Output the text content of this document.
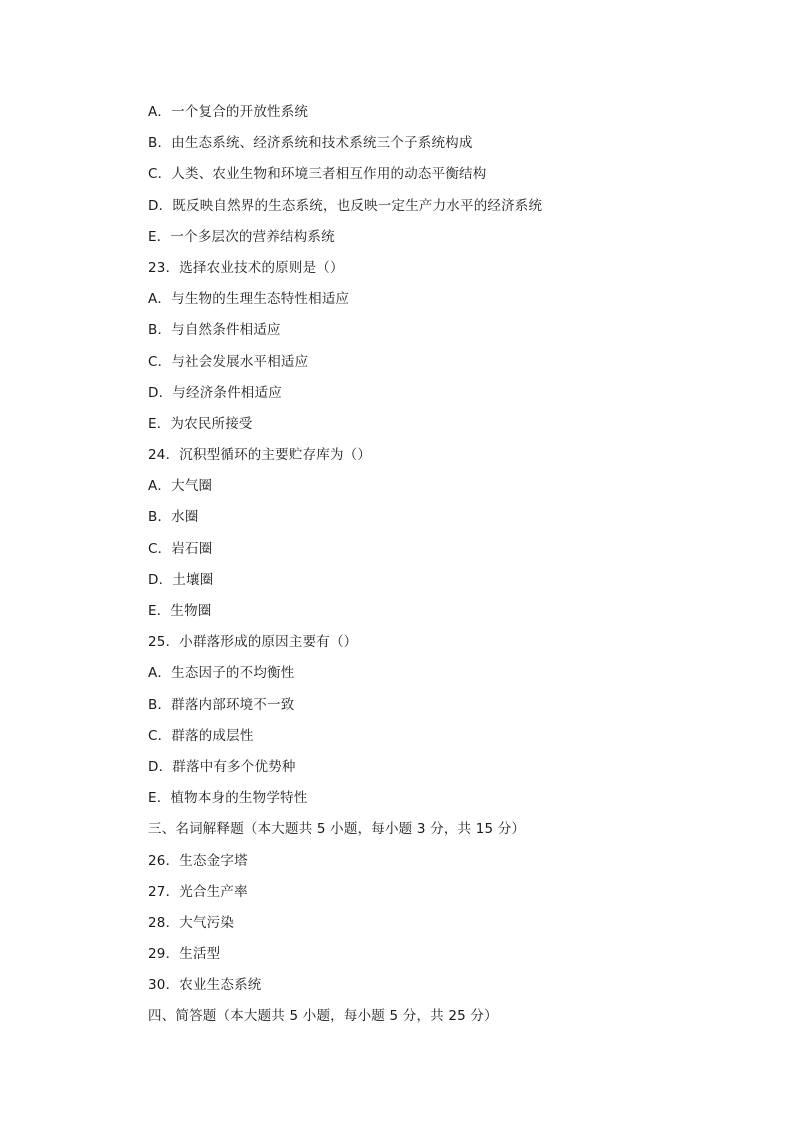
A．一个复合的开放性系统
B．由生态系统、经济系统和技术系统三个子系统构成
C．人类、农业生物和环境三者相互作用的动态平衡结构
D．既反映自然界的生态系统，也反映一定生产力水平的经济系统
E．一个多层次的营养结构系统
23．选择农业技术的原则是（）
A．与生物的生理生态特性相适应
B．与自然条件相适应
C．与社会发展水平相适应
D．与经济条件相适应
E．为农民所接受
24．沉积型循环的主要贮存库为（）
A．大气圈
B．水圈
C．岩石圈
D．土壤圈
E．生物圈
25．小群落形成的原因主要有（）
A．生态因子的不均衡性
B．群落内部环境不一致
C．群落的成层性
D．群落中有多个优势种
E．植物本身的生物学特性
三、名词解释题（本大题共 5 小题，每小题 3 分，共 15 分）
26．生态金字塔
27．光合生产率
28．大气污染
29．生活型
30．农业生态系统
四、简答题（本大题共 5 小题，每小题 5 分，共 25 分）
